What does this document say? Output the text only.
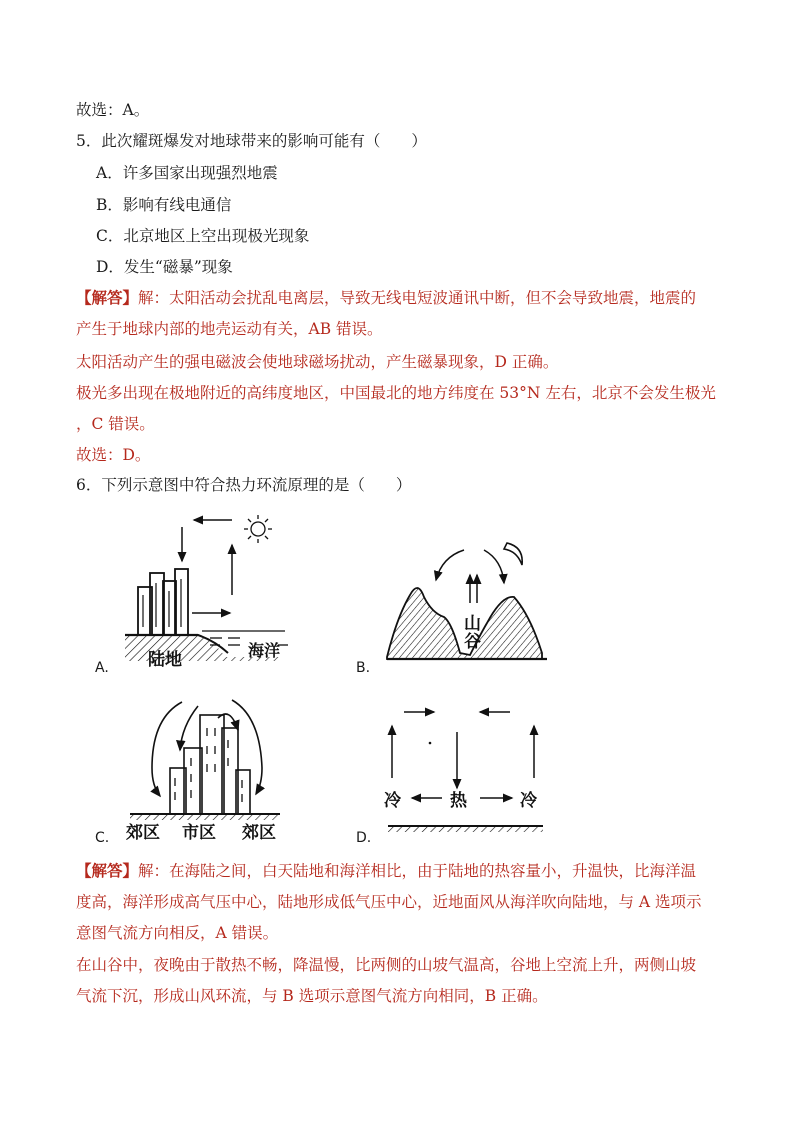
故选：A。
5．此次耀斑爆发对地球带来的影响可能有（　　）
A．许多国家出现强烈地震
B．影响有线电通信
C．北京地区上空出现极光现象
D．发生“磁暴”现象
【解答】解：太阳活动会扰乱电离层，导致无线电短波通讯中断，但不会导致地震，地震的
产生于地球内部的地壳运动有关，AB 错误。
太阳活动产生的强电磁波会使地球磁场扰动，产生磁暴现象，D 正确。
极光多出现在极地附近的高纬度地区，中国最北的地方纬度在 53°N 左右，北京不会发生极光
，C 错误。
故选：D。
6．下列示意图中符合热力环流原理的是（　　）
A. 陆地	海洋
B.
山
谷
C. 郊区 市区 郊区	D.
冷	热	冷
【解答】解：在海陆之间，白天陆地和海洋相比，由于陆地的热容量小，升温快，比海洋温
度高，海洋形成高气压中心，陆地形成低气压中心，近地面风从海洋吹向陆地，与 A 选项示
意图气流方向相反，A 错误。
在山谷中，夜晚由于散热不畅，降温慢，比两侧的山坡气温高，谷地上空流上升，两侧山坡
气流下沉，形成山风环流，与 B 选项示意图气流方向相同，B 正确。
